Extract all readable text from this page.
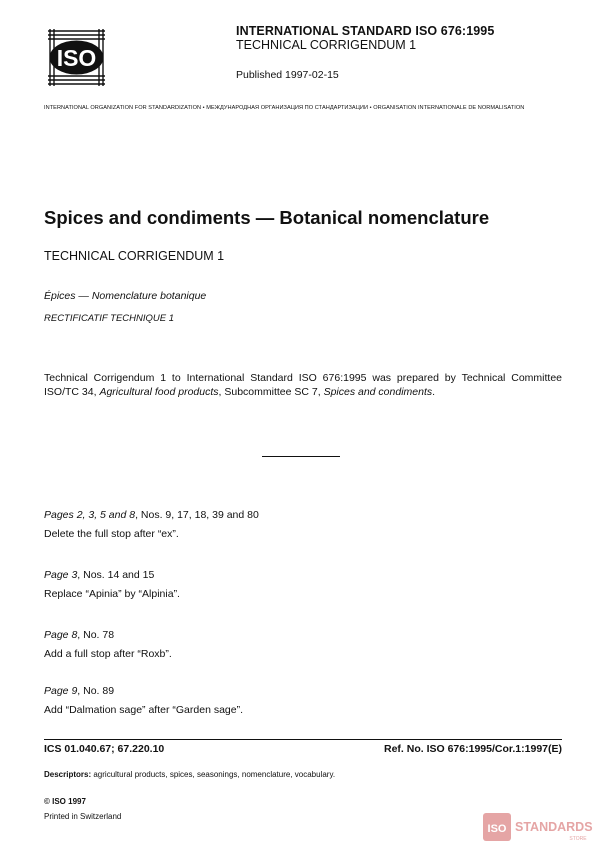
ISO
INTERNATIONAL STANDARD ISO 676:1995
TECHNICAL CORRIGENDUM 1
Published 1997-02-15
INTERNATIONAL ORGANIZATION FOR STANDARDIZATION • МЕЖДУНАРОДНАЯ ОРГАНИЗАЦИЯ ПО СТАНДАРТИЗАЦИИ • ORGANISATION INTERNATIONALE DE NORMALISATION
Spices and condiments — Botanical nomenclature
TECHNICAL CORRIGENDUM 1
Épices — Nomenclature botanique
RECTIFICATIF TECHNIQUE 1
Technical Corrigendum 1 to International Standard ISO 676:1995 was prepared by Technical Committee ISO/TC 34, Agricultural food products, Subcommittee SC 7, Spices and condiments.
Pages 2, 3, 5 and 8, Nos. 9, 17, 18, 39 and 80
Delete the full stop after “ex”.
Page 3, Nos. 14 and 15
Replace “Apinia” by “Alpinia”.
Page 8, No. 78
Add a full stop after “Roxb”.
Page 9, No. 89
Add “Dalmation sage” after “Garden sage”.
ICS 01.040.67; 67.220.10	Ref. No. ISO 676:1995/Cor.1:1997(E)
Descriptors: agricultural products, spices, seasonings, nomenclature, vocabulary.
© ISO 1997
Printed in Switzerland
ISO STANDARDS
STORE
